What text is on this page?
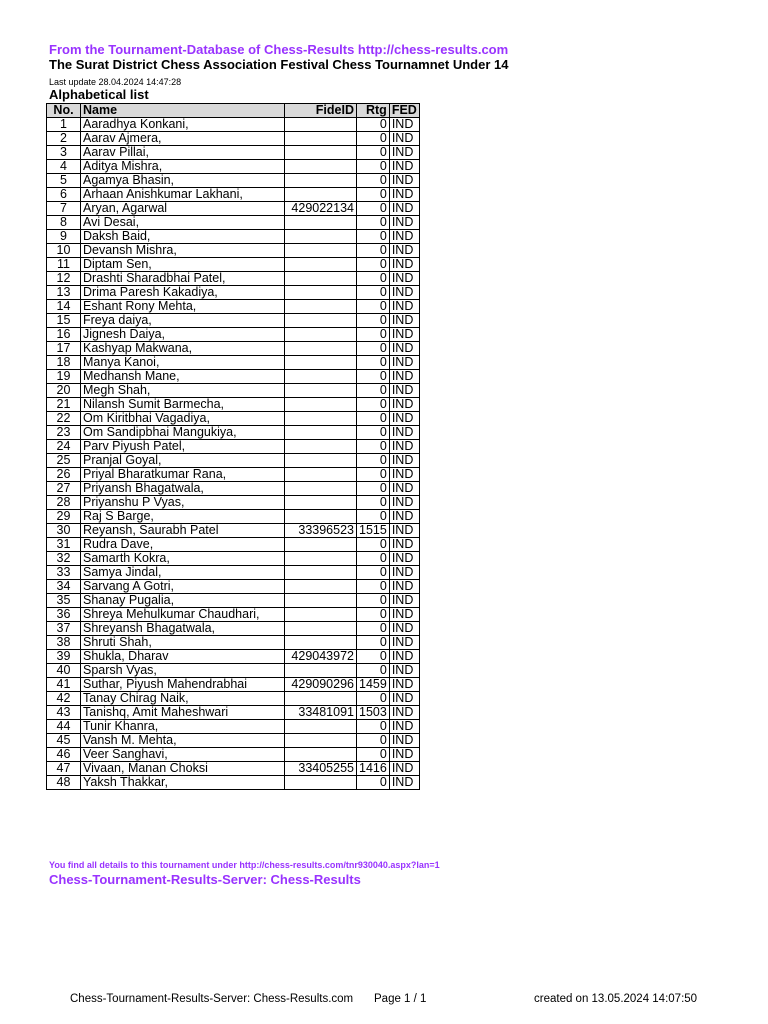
From the Tournament-Database of Chess-Results http://chess-results.com
The Surat District Chess Association Festival Chess Tournamnet Under 14
Last update 28.04.2024 14:47:28
Alphabetical list
No.	Name	FideID	Rtg	FED
1	Aaradhya Konkani,		0	IND
2	Aarav Ajmera,		0	IND
3	Aarav Pillai,		0	IND
4	Aditya Mishra,		0	IND
5	Agamya Bhasin,		0	IND
6	Arhaan Anishkumar Lakhani,		0	IND
7	Aryan, Agarwal	429022134	0	IND
8	Avi Desai,		0	IND
9	Daksh Baid,		0	IND
10	Devansh Mishra,		0	IND
11	Diptam Sen,		0	IND
12	Drashti Sharadbhai Patel,		0	IND
13	Drima Paresh Kakadiya,		0	IND
14	Eshant Rony Mehta,		0	IND
15	Freya daiya,		0	IND
16	Jignesh Daiya,		0	IND
17	Kashyap Makwana,		0	IND
18	Manya Kanoi,		0	IND
19	Medhansh Mane,		0	IND
20	Megh Shah,		0	IND
21	Nilansh Sumit Barmecha,		0	IND
22	Om Kiritbhai Vagadiya,		0	IND
23	Om Sandipbhai Mangukiya,		0	IND
24	Parv Piyush Patel,		0	IND
25	Pranjal Goyal,		0	IND
26	Priyal Bharatkumar Rana,		0	IND
27	Priyansh Bhagatwala,		0	IND
28	Priyanshu P Vyas,		0	IND
29	Raj S Barge,		0	IND
30	Reyansh, Saurabh Patel	33396523	1515	IND
31	Rudra Dave,		0	IND
32	Samarth Kokra,		0	IND
33	Samya Jindal,		0	IND
34	Sarvang A Gotri,		0	IND
35	Shanay Pugalia,		0	IND
36	Shreya Mehulkumar Chaudhari,		0	IND
37	Shreyansh Bhagatwala,		0	IND
38	Shruti Shah,		0	IND
39	Shukla, Dharav	429043972	0	IND
40	Sparsh Vyas,		0	IND
41	Suthar, Piyush Mahendrabhai	429090296	1459	IND
42	Tanay Chirag Naik,		0	IND
43	Tanishq, Amit Maheshwari	33481091	1503	IND
44	Tunir Khanra,		0	IND
45	Vansh M. Mehta,		0	IND
46	Veer Sanghavi,		0	IND
47	Vivaan, Manan Choksi	33405255	1416	IND
48	Yaksh Thakkar,		0	IND
You find all details to this tournament under http://chess-results.com/tnr930040.aspx?lan=1
Chess-Tournament-Results-Server: Chess-Results
Chess-Tournament-Results-Server: Chess-Results.com Page 1 / 1	created on 13.05.2024 14:07:50
